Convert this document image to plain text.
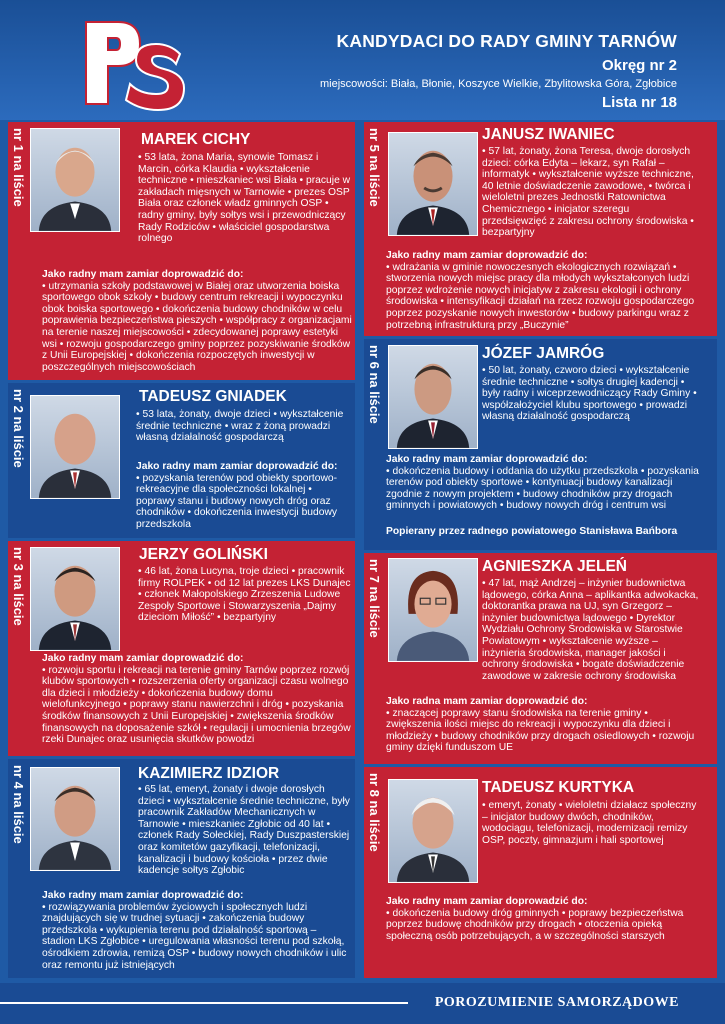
KANDYDACI DO RADY GMINY TARNÓW
Okręg nr 2
miejscowości: Biała, Błonie, Koszyce Wielkie, Zbylitowska Góra, Zgłobice
Lista nr 18
nr 1 na liście	MAREK CICHY
• 53 lata, żona Maria, synowie Tomasz i Marcin, córka Klaudia • wykształcenie techniczne • mieszkaniec wsi Biała • pracuje w zakładach mięsnych w Tarnowie • prezes OSP Biała oraz członek władz gminnych OSP • radny gminy, były sołtys wsi i przewodniczący Rady Rodziców • właściciel gospodarstwa rolnego
Jako radny mam zamiar doprowadzić do:
• utrzymania szkoły podstawowej w Białej oraz utworzenia boiska sportowego obok szkoły • budowy centrum rekreacji i wypoczynku obok boiska sportowego • dokończenia budowy chodników w celu poprawienia bezpieczeństwa pieszych • współpracy z organizacjami na terenie naszej miejscowości • zdecydowanej poprawy estetyki wsi • rozwoju gospodarczego gminy poprzez pozyskiwanie środków z Unii Europejskiej • dokończenia rozpoczętych inwestycji w poszczególnych miejscowościach
nr 2 na liście	TADEUSZ GNIADEK
• 53 lata, żonaty, dwoje dzieci • wykształcenie średnie techniczne • wraz z żoną prowadzi własną działalność gospodarczą
Jako radny mam zamiar doprowadzić do:
• pozyskania terenów pod obiekty sportowo-rekreacyjne dla społeczności lokalnej • poprawy stanu i budowy nowych dróg oraz chodników • dokończenia inwestycji budowy przedszkola
nr 3 na liście	JERZY GOLIŃSKI
• 46 lat, żona Lucyna, troje dzieci • pracownik firmy ROLPEK • od 12 lat prezes LKS Dunajec • członek Małopolskiego Zrzeszenia Ludowe Zespoły Sportowe i Stowarzyszenia „Dajmy dzieciom Miłość” • bezpartyjny
Jako radny mam zamiar doprowadzić do:
• rozwoju sportu i rekreacji na terenie gminy Tarnów poprzez rozwój klubów sportowych • rozszerzenia oferty organizacji czasu wolnego dla dzieci i młodzieży • dokończenia budowy domu wielofunkcyjnego • poprawy stanu nawierzchni i dróg • pozyskania środków finansowych z Unii Europejskiej • zwiększenia środków finansowych na doposażenie szkół • regulacji i umocnienia brzegów rzeki Dunajec oraz usunięcia skutków powodzi
nr 4 na liście	KAZIMIERZ IDZIOR
• 65 lat, emeryt, żonaty i dwoje dorosłych dzieci • wykształcenie średnie techniczne, były pracownik Zakładów Mechanicznych w Tarnowie • mieszkaniec Zgłobic od 40 lat • członek Rady Sołeckiej, Rady Duszpasterskiej oraz komitetów gazyfikacji, telefonizacji, kanalizacji i budowy kościoła • przez dwie kadencje sołtys Zgłobic
Jako radny mam zamiar doprowadzić do:
• rozwiązywania problemów życiowych i społecznych ludzi znajdujących się w trudnej sytuacji • zakończenia budowy przedszkola • wykupienia terenu pod działalność sportową – stadion LKS Zgłobice • uregulowania własności terenu pod szkołą, ośrodkiem zdrowia, remizą OSP • budowy nowych chodników i ulic oraz remontu już istniejących
nr 5 na liście	JANUSZ IWANIEC
• 57 lat, żonaty, żona Teresa, dwoje dorosłych dzieci: córka Edyta – lekarz, syn Rafał – informatyk • wykształcenie wyższe techniczne, 40 letnie doświadczenie zawodowe, • twórca i wieloletni prezes Jednostki Ratownictwa Chemicznego • inicjator szeregu przedsięwzięć z zakresu ochrony środowiska • bezpartyjny
Jako radny mam zamiar doprowadzić do:
• wdrażania w gminie nowoczesnych ekologicznych rozwiązań • stworzenia nowych miejsc pracy dla młodych wykształconych ludzi poprzez wdrożenie nowych inicjatyw z zakresu ekologii i ochrony środowiska • intensyfikacji działań na rzecz rozwoju gospodarczego poprzez pozyskanie nowych inwestorów • budowy parkingu wraz z potrzebną infrastrukturą przy „Buczynie”
nr 6 na liście	JÓZEF JAMRÓG
• 50 lat, żonaty, czworo dzieci • wykształcenie średnie techniczne • sołtys drugiej kadencji • były radny i wiceprzewodniczący Rady Gminy • współzałożyciel klubu sportowego • prowadzi własną działalność gospodarczą
Jako radny mam zamiar doprowadzić do:
• dokończenia budowy i oddania do użytku przedszkola • pozyskania terenów pod obiekty sportowe • kontynuacji budowy kanalizacji zgodnie z nowym projektem • budowy chodników przy drogach gminnych i powiatowych • budowy nowych dróg i centrum wsi
Popierany przez radnego powiatowego Stanisława Bańbora
nr 7 na liście	AGNIESZKA JELEŃ
• 47 lat, mąż Andrzej – inżynier budownictwa lądowego, córka Anna – aplikantka adwokacka, doktorantka prawa na UJ, syn Grzegorz – inżynier budownictwa lądowego • Dyrektor Wydziału Ochrony Środowiska w Starostwie Powiatowym • wykształcenie wyższe – inżynieria środowiska, manager jakości i ochrony środowiska • bogate doświadczenie zawodowe w zakresie ochrony środowiska
Jako radna mam zamiar doprowadzić do:
• znaczącej poprawy stanu środowiska na terenie gminy • zwiększenia ilości miejsc do rekreacji i wypoczynku dla dzieci i młodzieży • budowy chodników przy drogach osiedlowych • rozwoju gminy dzięki funduszom UE
nr 8 na liście	TADEUSZ KURTYKA
• emeryt, żonaty • wieloletni działacz społeczny – inicjator budowy dwóch, chodników, wodociągu, telefonizacji, modernizacji remizy OSP, poczty, gimnazjum i hali sportowej
Jako radny mam zamiar doprowadzić do:
• dokończenia budowy dróg gminnych • poprawy bezpieczeństwa poprzez budowę chodników przy drogach • otoczenia opieką społeczną osób potrzebujących, a w szczególności starszych
POROZUMIENIE SAMORZĄDOWE
